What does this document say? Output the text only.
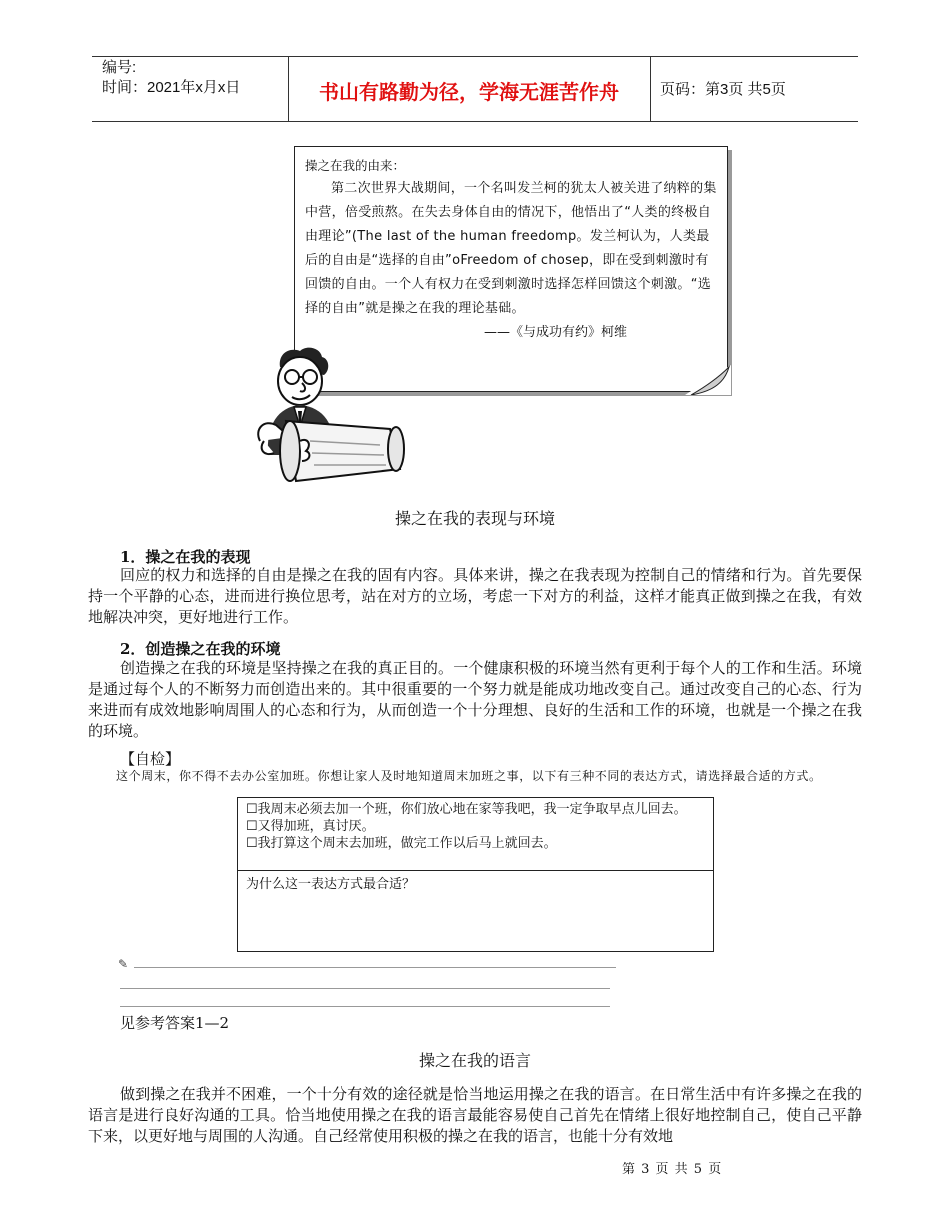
编号:
时间：2021年x月x日	书山有路勤为径，学海无涯苦作舟	页码：第3页 共5页
操之在我的由来：
第二次世界大战期间，一个名叫发兰柯的犹太人被关进了纳粹的集中营，倍受煎熬。在失去身体自由的情况下，他悟出了“人类的终极自由理论”(The last of the human freedomp。发兰柯认为，人类最后的自由是“选择的自由”oFreedom of chosep，即在受到刺激时有回馈的自由。一个人有权力在受到刺激时选择怎样回馈这个刺激。“选择的自由”就是操之在我的理论基础。
——《与成功有约》柯维
操之在我的表现与环境
1．操之在我的表现
回应的权力和选择的自由是操之在我的固有内容。具体来讲，操之在我表现为控制自己的情绪和行为。首先要保持一个平静的心态，进而进行换位思考，站在对方的立场，考虑一下对方的利益，这样才能真正做到操之在我，有效地解决冲突，更好地进行工作。
2．创造操之在我的环境
创造操之在我的环境是坚持操之在我的真正目的。一个健康积极的环境当然有更利于每个人的工作和生活。环境是通过每个人的不断努力而创造出来的。其中很重要的一个努力就是能成功地改变自己。通过改变自己的心态、行为来进而有成效地影响周围人的心态和行为，从而创造一个十分理想、良好的生活和工作的环境，也就是一个操之在我的环境。
【自检】
这个周末，你不得不去办公室加班。你想让家人及时地知道周末加班之事，以下有三种不同的表达方式，请选择最合适的方式。
☐我周末必须去加一个班，你们放心地在家等我吧，我一定争取早点儿回去。
☐又得加班，真讨厌。
☐我打算这个周末去加班，做完工作以后马上就回去。
为什么这一表达方式最合适？
✎
见参考答案1—2
操之在我的语言
做到操之在我并不困难，一个十分有效的途径就是恰当地运用操之在我的语言。在日常生活中有许多操之在我的语言是进行良好沟通的工具。恰当地使用操之在我的语言最能容易使自己首先在情绪上很好地控制自己，使自己平静下来，以更好地与周围的人沟通。自己经常使用积极的操之在我的语言，也能十分有效地
第 3 页 共 5 页
